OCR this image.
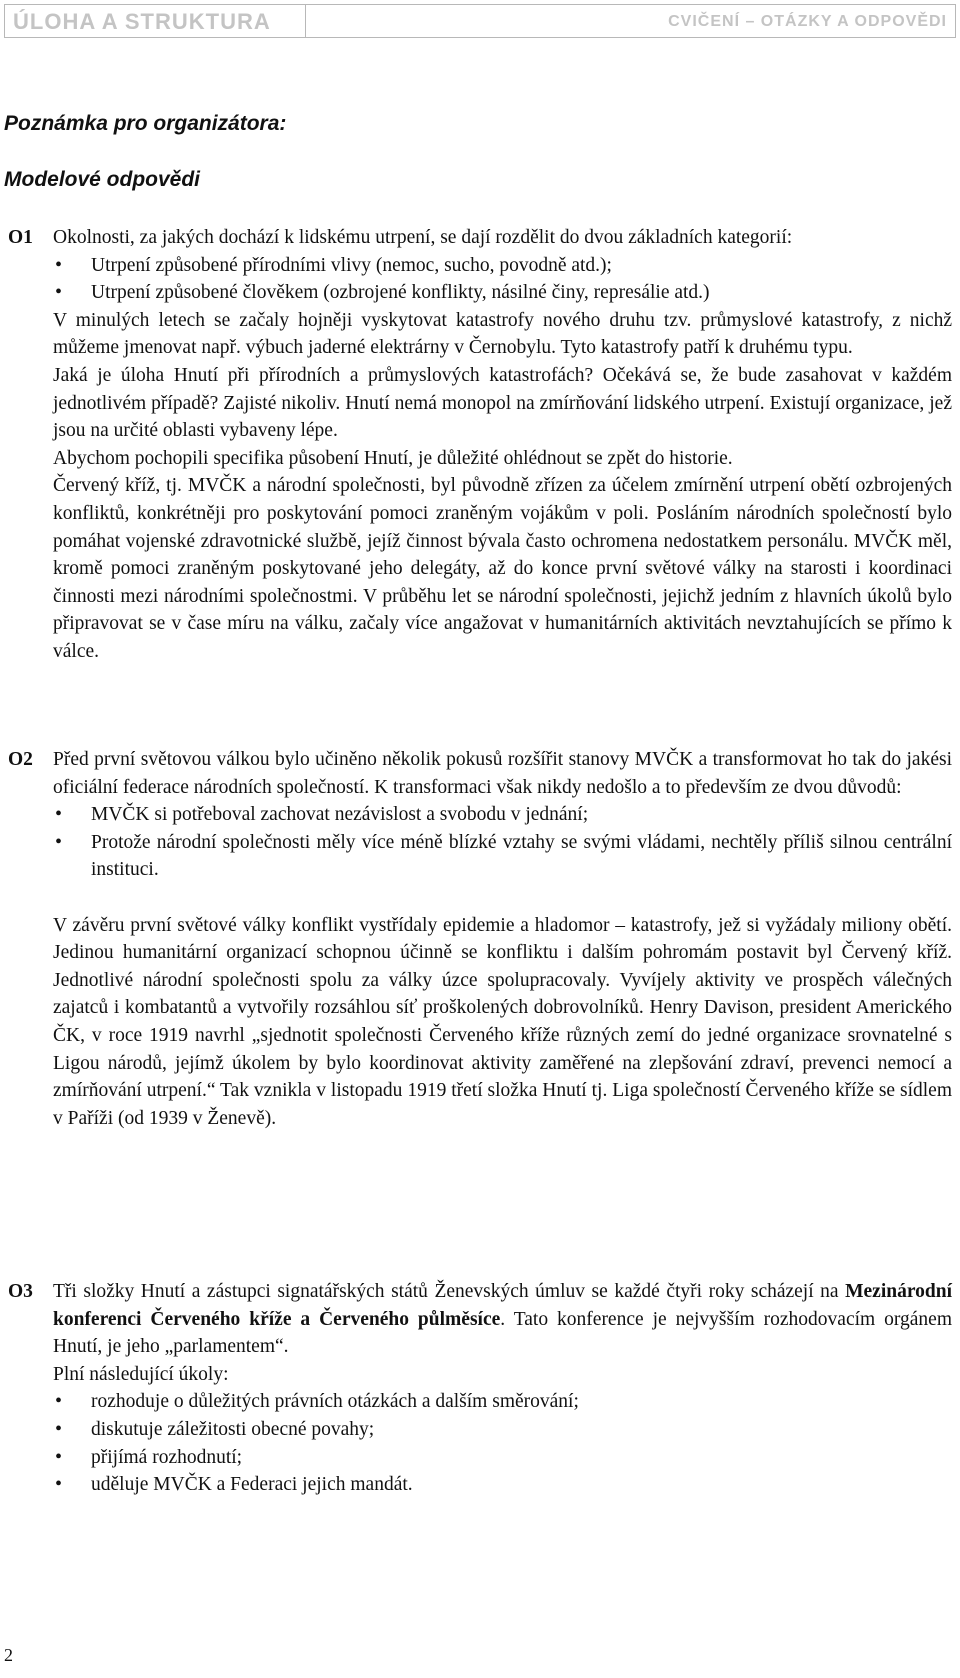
ÚLOHA A STRUKTURA	CVIČENÍ – OTÁZKY A ODPOVĚDI
Poznámka pro organizátora:
Modelové odpovědi
O1 Okolnosti, za jakých dochází k lidskému utrpení, se dají rozdělit do dvou základních kategorií:

• Utrpení způsobené přírodními vlivy (nemoc, sucho, povodně atd.);
• Utrpení způsobené člověkem (ozbrojené konflikty, násilné činy, represálie atd.)

V minulých letech se začaly hojněji vyskytovat katastrofy nového druhu tzv. průmyslové katastrofy, z nichž můžeme jmenovat např. výbuch jaderné elektrárny v Černobylu. Tyto katastrofy patří k druhému typu.

Jaká je úloha Hnutí při přírodních a průmyslových katastrofách? Očekává se, že bude zasahovat v každém jednotlivém případě? Zajisté nikoliv. Hnutí nemá monopol na zmírňování lidského utrpení. Existují organizace, jež jsou na určité oblasti vybaveny lépe.

Abychom pochopili specifika působení Hnutí, je důležité ohlédnout se zpět do historie.

Červený kříž, tj. MVČK a národní společnosti, byl původně zřízen za účelem zmírnění utrpení obětí ozbrojených konfliktů, konkrétněji pro poskytování pomoci zraněným vojákům v poli. Posláním národních společností bylo pomáhat vojenské zdravotnické službě, jejíž činnost bývala často ochromena nedostatkem personálu. MVČK měl, kromě pomoci zraněným poskytované jeho delegáty, až do konce první světové války na starosti i koordinaci činnosti mezi národními společnostmi. V průběhu let se národní společnosti, jejichž jedním z hlavních úkolů bylo připravovat se v čase míru na válku, začaly více angažovat v humanitárních aktivitách nevztahujících se přímo k válce.

O2 Před první světovou válkou bylo učiněno několik pokusů rozšířit stanovy MVČK a transformovat ho tak do jakési oficiální federace národních společností. K transformaci však nikdy nedošlo a to především ze dvou důvodů:

• MVČK si potřeboval zachovat nezávislost a svobodu v jednání;
• Protože národní společnosti měly více méně blízké vztahy se svými vládami, nechtěly příliš silnou centrální instituci.

V závěru první světové války konflikt vystřídaly epidemie a hladomor – katastrofy, jež si vyžádaly miliony obětí. Jedinou humanitární organizací schopnou účinně se konfliktu i dalším pohromám postavit byl Červený kříž. Jednotlivé národní společnosti spolu za války úzce spolupracovaly. Vyvíjely aktivity ve prospěch válečných zajatců i kombatantů a vytvořily rozsáhlou síť proškolených dobrovolníků. Henry Davison, president Amerického ČK, v roce 1919 navrhl „sjednotit společnosti Červeného kříže různých zemí do jedné organizace srovnatelné s Ligou národů, jejímž úkolem by bylo koordinovat aktivity zaměřené na zlepšování zdraví, prevenci nemocí a zmírňování utrpení.“ Tak vznikla v listopadu 1919 třetí složka Hnutí tj. Liga společností Červeného kříže se sídlem v Paříži (od 1939 v Ženevě).

O3 Tři složky Hnutí a zástupci signatářských států Ženevských úmluv se každé čtyři roky scházejí na Mezinárodní konferenci Červeného kříže a Červeného půlměsíce. Tato konference je nejvyšším rozhodovacím orgánem Hnutí, je jeho „parlamentem“.

Plní následující úkoly:

• rozhoduje o důležitých právních otázkách a dalším směrování;
• diskutuje záležitosti obecné povahy;
• přijímá rozhodnutí;
• uděluje MVČK a Federaci jejich mandát.
2
